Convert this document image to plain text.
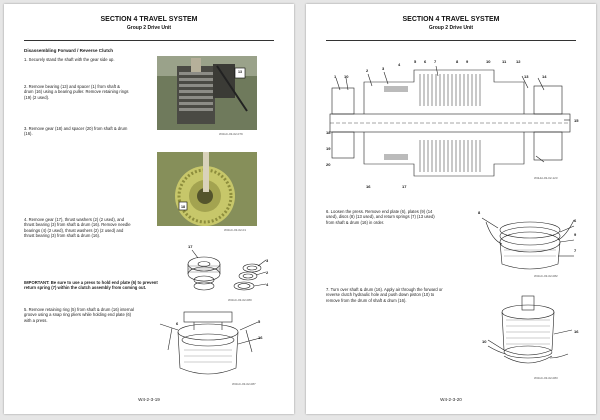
SECTION 4 TRAVEL SYSTEM
Group 2 Drive Unit
Disassembling Forward / Reverse Clutch
1. Securely stand the shaft with the gear side up.
2. Remove bearing (13) and spacer (1) from shaft & drum (16) using a bearing puller. Remove retaining rings (19) (2 used).
3. Remove gear (18) and spacer (20) from shaft & drum (16).
4. Remove gear (17), thrust washers (2) (2 used), and thrust bearing (3) from shaft & drum (16). Remove needle bearings (4) (2 used), thrust washers (2) (2 used) and thrust bearing (3) from shaft & drum (16).
13
W4GC-03-02-079
18
W4GC-03-02-01
17
3
2
4
W4GC-03-02-080
IMPORTANT: Be sure to use a press to hold end plate (6) to prevent return spring (7) within the clutch assembly from coming out.
5. Remove retaining ring (5) from shaft & drum (16) internal groove using a snap ring pliers while holding end plate (6) with a press.
6	5
16
W4GC-03-02-087
W4-2-3-19
SECTION 4 TRAVEL SYSTEM
Group 2 Drive Unit
1 10
2	3
4
5 6 7	8 9	10	11 12
13	14
15
16	17
18
19
20
W4HH-03-02-123
6. Loosen the press. Remove end plate (6), plates (9) (14 used), discs (8) (13 used), and return springs (7) (13 used) from shaft & drum (16) in order.
8
6
9
7
W4GC-03-02-082
7. Turn over shaft & drum (16). Apply air through the forward or reverse clutch hydraulic hole and push down piston (10) to remove from the drum of shaft & drum (16).
10
16
W4GC-03-02-083
W4-2-3-20
